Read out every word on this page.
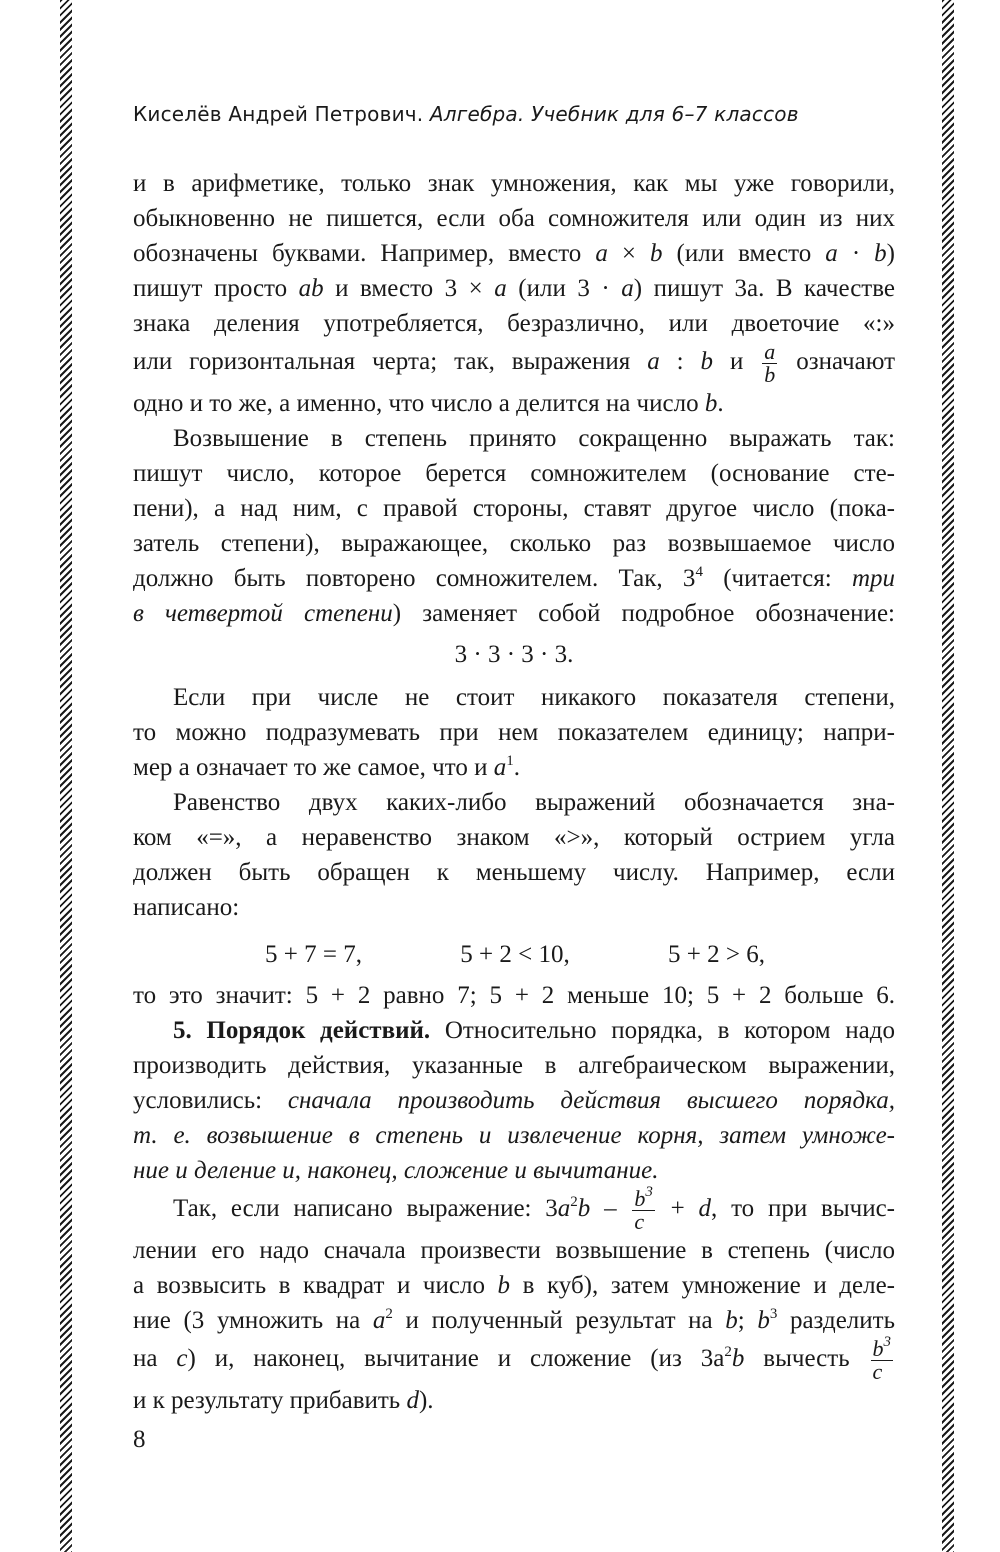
Киселёв Андрей Петрович. Алгебра. Учебник для 6–7 классов
и в арифметике, только знак умножения, как мы уже говорили,
обыкновенно не пишется, если оба сомножителя или один из них
обозначены буквами. Например, вместо a × b (или вместо a · b)
пишут просто ab и вместо 3 × a (или 3 · a) пишут 3a. В качестве
знака деления употребляется, безразлично, или двоеточие «:»
или горизонтальная черта; так, выражения a : b и $\frac{a}{b}$ означают
одно и то же, а именно, что число a делится на число b.
Возвышение в степень принято сокращенно выражать так:
пишут число, которое берется сомножителем (основание сте-
пени), а над ним, с правой стороны, ставят другое число (пока-
затель степени), выражающее, сколько раз возвышаемое число
должно быть повторено сомножителем. Так, $3^4$ (читается: три
в четвертой степени) заменяет собой подробное обозначение:
3 · 3 · 3 · 3.
Если при числе не стоит никакого показателя степени,
то можно подразумевать при нем показателем единицу; напри-
мер a означает то же самое, что и $a^1$.
Равенство двух каких-либо выражений обозначается зна-
ком «=», а неравенство знаком «>», который острием угла
должен быть обращен к меньшему числу. Например, если
написано:
5 + 7 = 7,	5 + 2 < 10,	5 + 2 > 6,
то это значит: 5 + 2 равно 7; 5 + 2 меньше 10; 5 + 2 больше 6.
5. Порядок действий. Относительно порядка, в котором надо
производить действия, указанные в алгебраическом выражении,
условились: сначала производить действия высшего порядка,
т. е. возвышение в степень и извлечение корня, затем умноже-
ние и деление и, наконец, сложение и вычитание.
Так, если написано выражение: $3a^2b - \frac{b^3}{c} + d$, то при вычис-
лении его надо сначала произвести возвышение в степень (число
a возвысить в квадрат и число b в куб), затем умножение и деле-
ние (3 умножить на $a^2$ и полученный результат на b; $b^3$ разделить
на c) и, наконец, вычитание и сложение (из $3a^2b$ вычесть $\frac{b^3}{c}$
и к результату прибавить d).
8
